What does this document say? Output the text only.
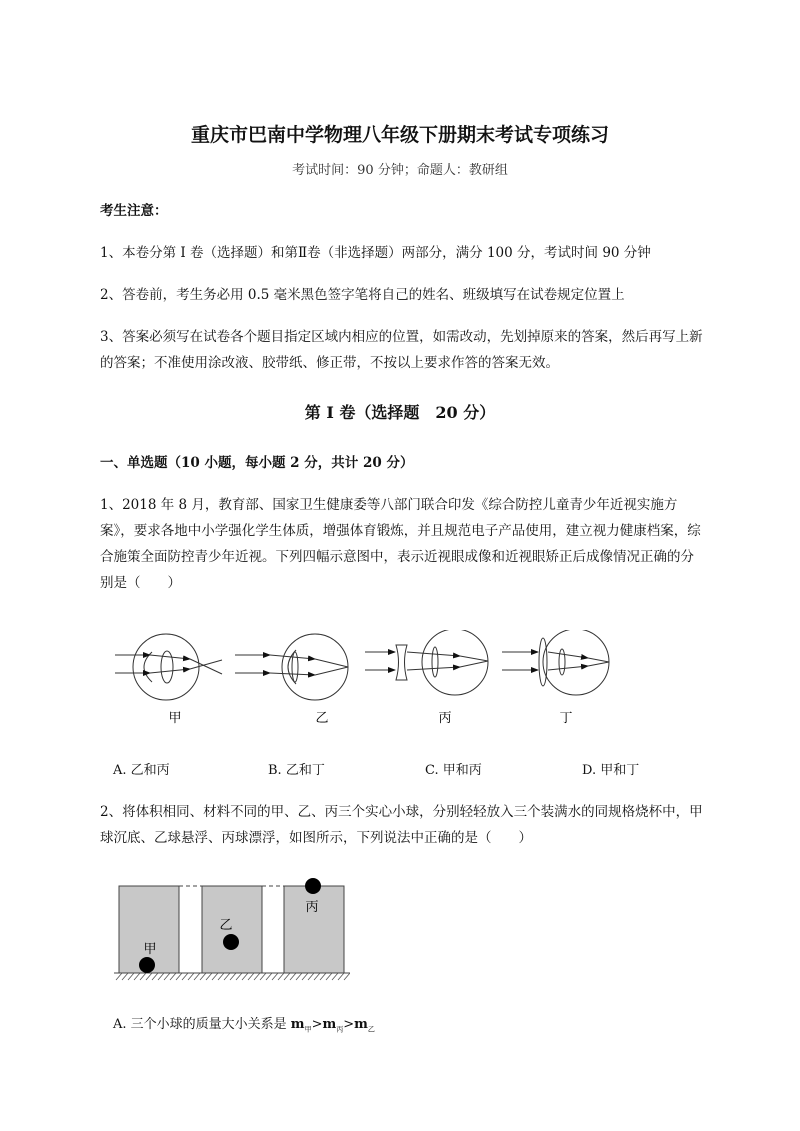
重庆市巴南中学物理八年级下册期末考试专项练习
考试时间：90 分钟；命题人：教研组
考生注意：
1、本卷分第 I 卷（选择题）和第Ⅱ卷（非选择题）两部分，满分 100 分，考试时间 90 分钟
2、答卷前，考生务必用 0.5 毫米黑色签字笔将自己的姓名、班级填写在试卷规定位置上
3、答案必须写在试卷各个题目指定区域内相应的位置，如需改动，先划掉原来的答案，然后再写上新的答案；不准使用涂改液、胶带纸、修正带，不按以上要求作答的答案无效。
第 I 卷（选择题　20 分）
一、单选题（10 小题，每小题 2 分，共计 20 分）
1、2018 年 8 月，教育部、国家卫生健康委等八部门联合印发《综合防控儿童青少年近视实施方案》，要求各地中小学强化学生体质，增强体育锻炼，并且规范电子产品使用，建立视力健康档案，综合施策全面防控青少年近视。下列四幅示意图中，表示近视眼成像和近视眼矫正后成像情况正确的分别是（　　）
甲	乙	丙	丁
A. 乙和丙	B. 乙和丁	C. 甲和丙	D. 甲和丁
2、将体积相同、材料不同的甲、乙、丙三个实心小球，分别轻轻放入三个装满水的同规格烧杯中，甲球沉底、乙球悬浮、丙球漂浮，如图所示，下列说法中正确的是（　　）
甲
乙
丙
A. 三个小球的质量大小关系是 $m_甲>m_丙>m_乙$
